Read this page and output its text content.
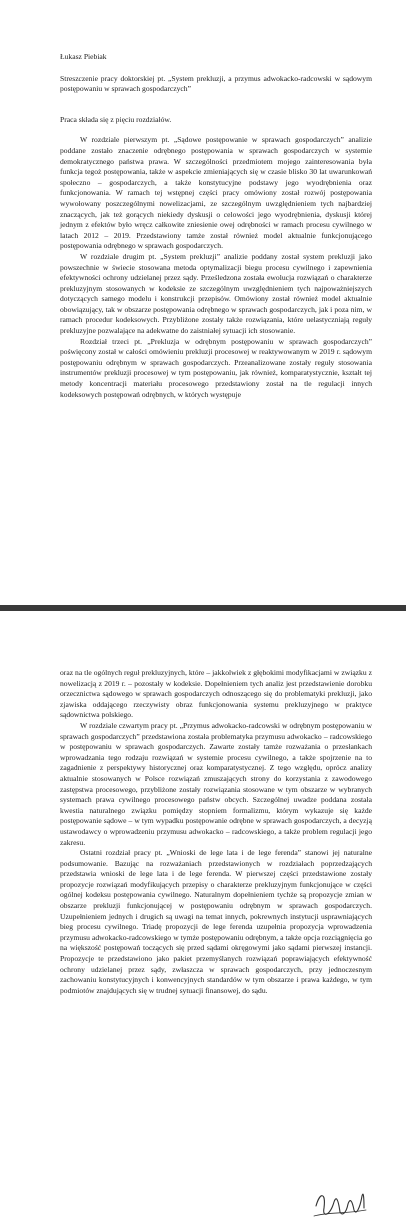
Łukasz Piebiak

Streszczenie pracy doktorskiej pt. „System prekluzji, a przymus adwokacko-radcowski w sądowym postępowaniu w sprawach gospodarczych”

Praca składa się z pięciu rozdziałów.

W rozdziale pierwszym pt. „Sądowe postępowanie w sprawach gospodarczych” analizie poddane zostało znaczenie odrębnego postępowania w sprawach gospodarczych w systemie demokratycznego państwa prawa. W szczególności przedmiotem mojego zainteresowania była funkcja tegoż postępowania, także w aspekcie zmieniających się w czasie blisko 30 lat uwarunkowań społeczno – gospodarczych, a także konstytucyjne podstawy jego wyodrębnienia oraz funkcjonowania. W ramach tej wstępnej części pracy omówiony został rozwój postępowania wywołowany poszczególnymi nowelizacjami, ze szczególnym uwzględnieniem tych najbardziej znaczących, jak też gorących niekiedy dyskusji o celowości jego wyodrębnienia, dyskusji której jednym z efektów było wręcz całkowite zniesienie owej odrębności w ramach procesu cywilnego w latach 2012 – 2019. Przedstawiony tamże został również model aktualnie funkcjonującego postępowania odrębnego w sprawach gospodarczych.

W rozdziale drugim pt. „System prekluzji” analizie poddany został system prekluzji jako powszechnie w świecie stosowana metoda optymalizacji biegu procesu cywilnego i zapewnienia efektywności ochrony udzielanej przez sądy. Prześledzona została ewolucja rozwiązań o charakterze prekluzyjnym stosowanych w kodeksie ze szczególnym uwzględnieniem tych najpoważniejszych dotyczących samego modelu i konstrukcji przepisów. Omówiony został również model aktualnie obowiązujący, tak w obszarze postępowania odrębnego w sprawach gospodarczych, jak i poza nim, w ramach procedur kodeksowych. Przybliżone zostały także rozwiązania, które uelastyczniają reguły prekluzyjne pozwalające na adekwatne do zaistniałej sytuacji ich stosowanie.

Rozdział trzeci pt. „Prekluzja w odrębnym postępowaniu w sprawach gospodarczych” poświęcony został w całości omówieniu prekluzji procesowej w reaktywowanym w 2019 r. sądowym postępowaniu odrębnym w sprawach gospodarczych. Przeanalizowane zostały reguły stosowania instrumentów prekluzji procesowej w tym postępowaniu, jak również, komparatystycznie, kształt tej metody koncentracji materiału procesowego przedstawiony został na tle regulacji innych kodeksowych postępowań odrębnych, w których występuje

oraz na tle ogólnych reguł prekluzyjnych, które – jakkolwiek z głębokimi modyfikacjami w związku z nowelizacją z 2019 r. – pozostały w kodeksie. Dopełnieniem tych analiz jest przedstawienie dorobku orzecznictwa sądowego w sprawach gospodarczych odnoszącego się do problematyki prekluzji, jako zjawiska oddającego rzeczywisty obraz funkcjonowania systemu prekluzyjnego w praktyce sądownictwa polskiego.

W rozdziale czwartym pracy pt. „Przymus adwokacko-radcowski w odrębnym postępowaniu w sprawach gospodarczych” przedstawiona została problematyka przymusu adwokacko – radcowskiego w postępowaniu w sprawach gospodarczych. Zawarte zostały tamże rozważania o przesłankach wprowadzania tego rodzaju rozwiązań w systemie procesu cywilnego, a także spojrzenie na to zagadnienie z perspektywy historycznej oraz komparatystycznej. Z tego względu, oprócz analizy aktualnie stosowanych w Polsce rozwiązań zmuszających strony do korzystania z zawodowego zastępstwa procesowego, przybliżone zostały rozwiązania stosowane w tym obszarze w wybranych systemach prawa cywilnego procesowego państw obcych. Szczególnej uwadze poddana została kwestia naturalnego związku pomiędzy stopniem formalizmu, którym wykazuje się każde postępowanie sądowe – w tym wypadku postępowanie odrębne w sprawach gospodarczych, a decyzją ustawodawcy o wprowadzeniu przymusu adwokacko – radcowskiego, a także problem regulacji jego zakresu.

Ostatni rozdział pracy pt. „Wnioski de lege lata i de lege ferenda” stanowi jej naturalne podsumowanie. Bazując na rozważaniach przedstawionych w rozdziałach poprzedzających przedstawia wnioski de lege lata i de lege ferenda. W pierwszej części przedstawione zostały propozycje rozwiązań modyfikujących przepisy o charakterze prekluzyjnym funkcjonujące w części ogólnej kodeksu postępowania cywilnego. Naturalnym dopełnieniem tychże są propozycje zmian w obszarze prekluzji funkcjonującej w postępowaniu odrębnym w sprawach gospodarczych. Uzupełnieniem jednych i drugich są uwagi na temat innych, pokrewnych instytucji usprawniających bieg procesu cywilnego. Triadę propozycji de lege ferenda uzupełnia propozycja wprowadzenia przymusu adwokacko-radcowskiego w tymże postępowaniu odrębnym, a także opcja rozciągnięcia go na większość postępowań toczących się przed sądami okręgowymi jako sądami pierwszej instancji. Propozycje te przedstawiono jako pakiet przemyślanych rozwiązań poprawiających efektywność ochrony udzielanej przez sądy, zwłaszcza w sprawach gospodarczych, przy jednoczesnym zachowaniu konstytucyjnych i konwencyjnych standardów w tym obszarze i prawa każdego, w tym podmiotów znajdujących się w trudnej sytuacji finansowej, do sądu.
